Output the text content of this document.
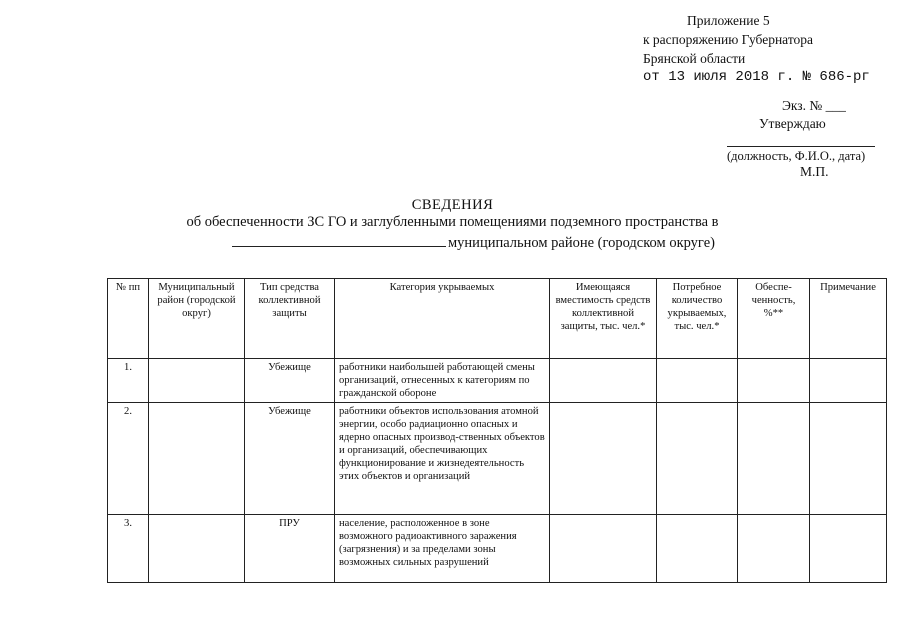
Приложение 5
к распоряжению Губернатора
Брянской области
от 13 июля 2018 г. № 686-рг
Экз. № ___
Утверждаю
(должность, Ф.И.О., дата)
М.П.
СВЕДЕНИЯ
об обеспеченности ЗС ГО и заглубленными помещениями подземного пространства в
муниципальном районе (городском округе)
№ пп	Муниципальный район (городской округ)	Тип средства коллективной защиты	Категория укрываемых	Имеющаяся вместимость средств коллективной защиты, тыс. чел.*	Потребное количество укрываемых, тыс. чел.*	Обеспе-ченность, %**	Примечание
1.		Убежище	работники наибольшей работающей смены организаций, отнесенных к категориям по гражданской обороне				
2.		Убежище	работники объектов использования атомной энергии, особо радиационно опасных и ядерно опасных производ-ственных объектов и организаций, обеспечивающих функционирование и жизнедеятельность этих объектов и организаций				
3.		ПРУ	население, расположенное в зоне возможного радиоактивного заражения (загрязнения) и за пределами зоны возможных сильных разрушений				
